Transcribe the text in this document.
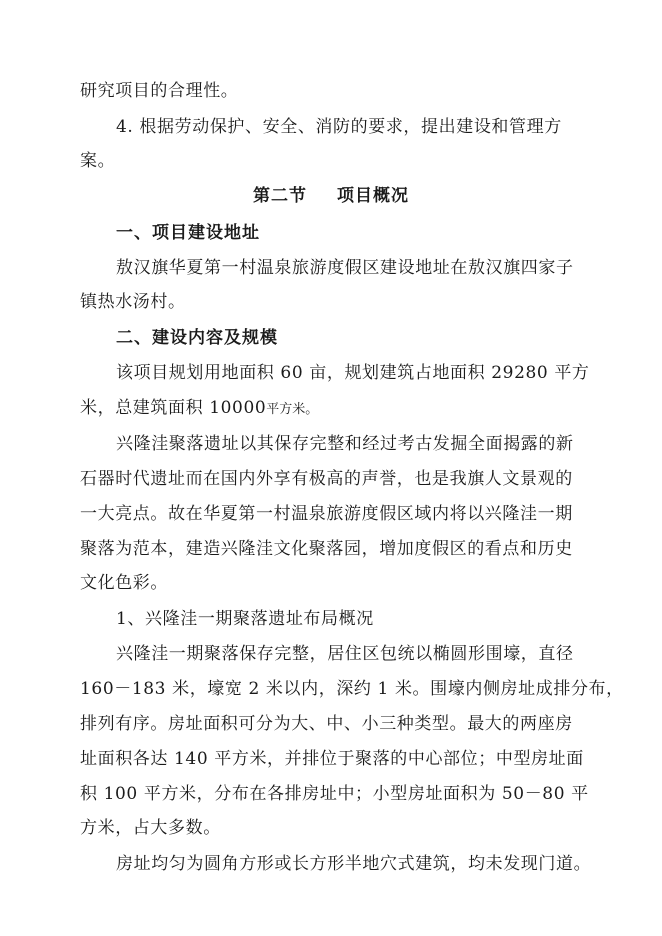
研究项目的合理性。
4. 根据劳动保护、安全、消防的要求，提出建设和管理方
案。
第二节 项目概况
一、项目建设地址
敖汉旗华夏第一村温泉旅游度假区建设地址在敖汉旗四家子
镇热水汤村。
二、建设内容及规模
该项目规划用地面积 60 亩，规划建筑占地面积 29280 平方
米，总建筑面积 10000平方米。
兴隆洼聚落遗址以其保存完整和经过考古发掘全面揭露的新
石器时代遗址而在国内外享有极高的声誉，也是我旗人文景观的
一大亮点。故在华夏第一村温泉旅游度假区域内将以兴隆洼一期
聚落为范本，建造兴隆洼文化聚落园，增加度假区的看点和历史
文化色彩。
1、兴隆洼一期聚落遗址布局概况
兴隆洼一期聚落保存完整，居住区包统以椭圆形围壕，直径
160－183 米，壕宽 2 米以内，深约 1 米。围壕内侧房址成排分布，
排列有序。房址面积可分为大、中、小三种类型。最大的两座房
址面积各达 140 平方米，并排位于聚落的中心部位；中型房址面
积 100 平方米，分布在各排房址中；小型房址面积为 50－80 平
方米，占大多数。
房址均匀为圆角方形或长方形半地穴式建筑，均未发现门道。
